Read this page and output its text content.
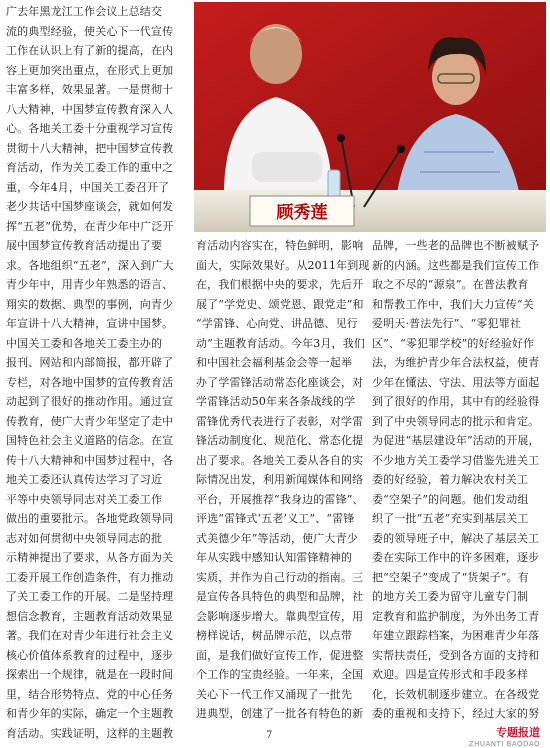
广去年黑龙江工作会议上总结交
流的典型经验，使关心下一代宣传
工作在认识上有了新的提高，在内
容上更加突出重点，在形式上更加
丰富多样，效果显著。一是贯彻十
八大精神，中国梦宣传教育深入人
心。各地关工委十分重视学习宣传
贯彻十八大精神，把中国梦宣传教
育活动，作为关工委工作的重中之
重，今年4月，中国关工委召开了
老少共话中国梦座谈会，就如何发
挥“五老”优势，在青少年中广泛开
展中国梦宣传教育活动提出了要
求。各地组织“五老”，深入到广大
青少年中，用青少年熟悉的语言、
翔实的数据、典型的事例，向青少
年宣讲十八大精神，宣讲中国梦。
中国关工委和各地关工委主办的
报刊、网站和内部简报，都开辟了
专栏，对各地中国梦的宣传教育活
动起到了很好的推动作用。通过宣
传教育，使广大青少年坚定了走中
国特色社会主义道路的信念。在宣
传十八大精神和中国梦过程中，各
地关工委还认真传达学习了习近
平等中央领导同志对关工委工作
做出的重要批示。各地党政领导同
志对如何贯彻中央领导同志的批
示精神提出了要求，从各方面为关
工委开展工作创造条件，有力推动
了关工委工作的开展。二是坚持理
想信念教育，主题教育活动效果显
著。我们在对青少年进行社会主义
核心价值体系教育的过程中，逐步
探索出一个规律，就是在一段时间
里，结合形势特点、党的中心任务
和青少年的实际，确定一个主题教
育活动。实践证明，这样的主题教
顾秀莲
育活动内容实在，特色鲜明，影响
面大，实际效果好。从2011年到现
在，我们根据中央的要求，先后开
展了“学党史、颂党恩、跟党走”和
“学雷锋、心向党、讲品德、见行
动”主题教育活动。今年3月，我们
和中国社会福利基金会等一起举
办了学雷锋活动常态化座谈会，对
学雷锋活动50年来各条战线的学
雷锋优秀代表进行了表彰，对学雷
锋活动制度化、规范化、常态化提
出了要求。各地关工委从各自的实
际情况出发，利用新闻媒体和网络
平台，开展推荐“我身边的雷锋”、
评选“雷锋式‘五老’义工”、“雷锋
式美德少年”等活动，使广大青少
年从实践中感知认知雷锋精神的
实质，并作为自己行动的指南。三
是宣传各具特色的典型和品牌，社
会影响逐步增大。靠典型宣传，用
榜样说话，树品牌示范，以点带
面，是我们做好宣传工作，促进整
个工作的宝贵经验。一年来，全国
关心下一代工作又涌现了一批先
进典型，创建了一批各有特色的新
品牌，一些老的品牌也不断被赋予
新的内涵。这些都是我们宣传工作
取之不尽的“源泉”。在普法教育
和帮教工作中，我们大力宣传“关
爱明天·普法先行”、“零犯罪社
区”、“零犯罪学校”的好经验好作
法，为维护青少年合法权益，使青
少年在懂法、守法、用法等方面起
到了很好的作用，其中有的经验得
到了中央领导同志的批示和肯定。
为促进“基层建设年”活动的开展，
不少地方关工委学习借鉴先进关工
委的好经验，着力解决农村关工
委“空架子”的问题。他们发动组
织了一批“五老”充实到基层关工
委的领导班子中，解决了基层关工
委在实际工作中的许多困难，逐步
把“空架子”变成了“货架子”。有
的地方关工委为留守儿童专门制
定教育和监护制度，为外出务工青
年建立跟踪档案，为困难青少年落
实帮扶责任，受到各方面的支持和
欢迎。四是宣传形式和手段多样
化，长效机制逐步建立。在各级党
委的重视和支持下，经过大家的努
7	专题报道
ZHUANTI BAODAO
